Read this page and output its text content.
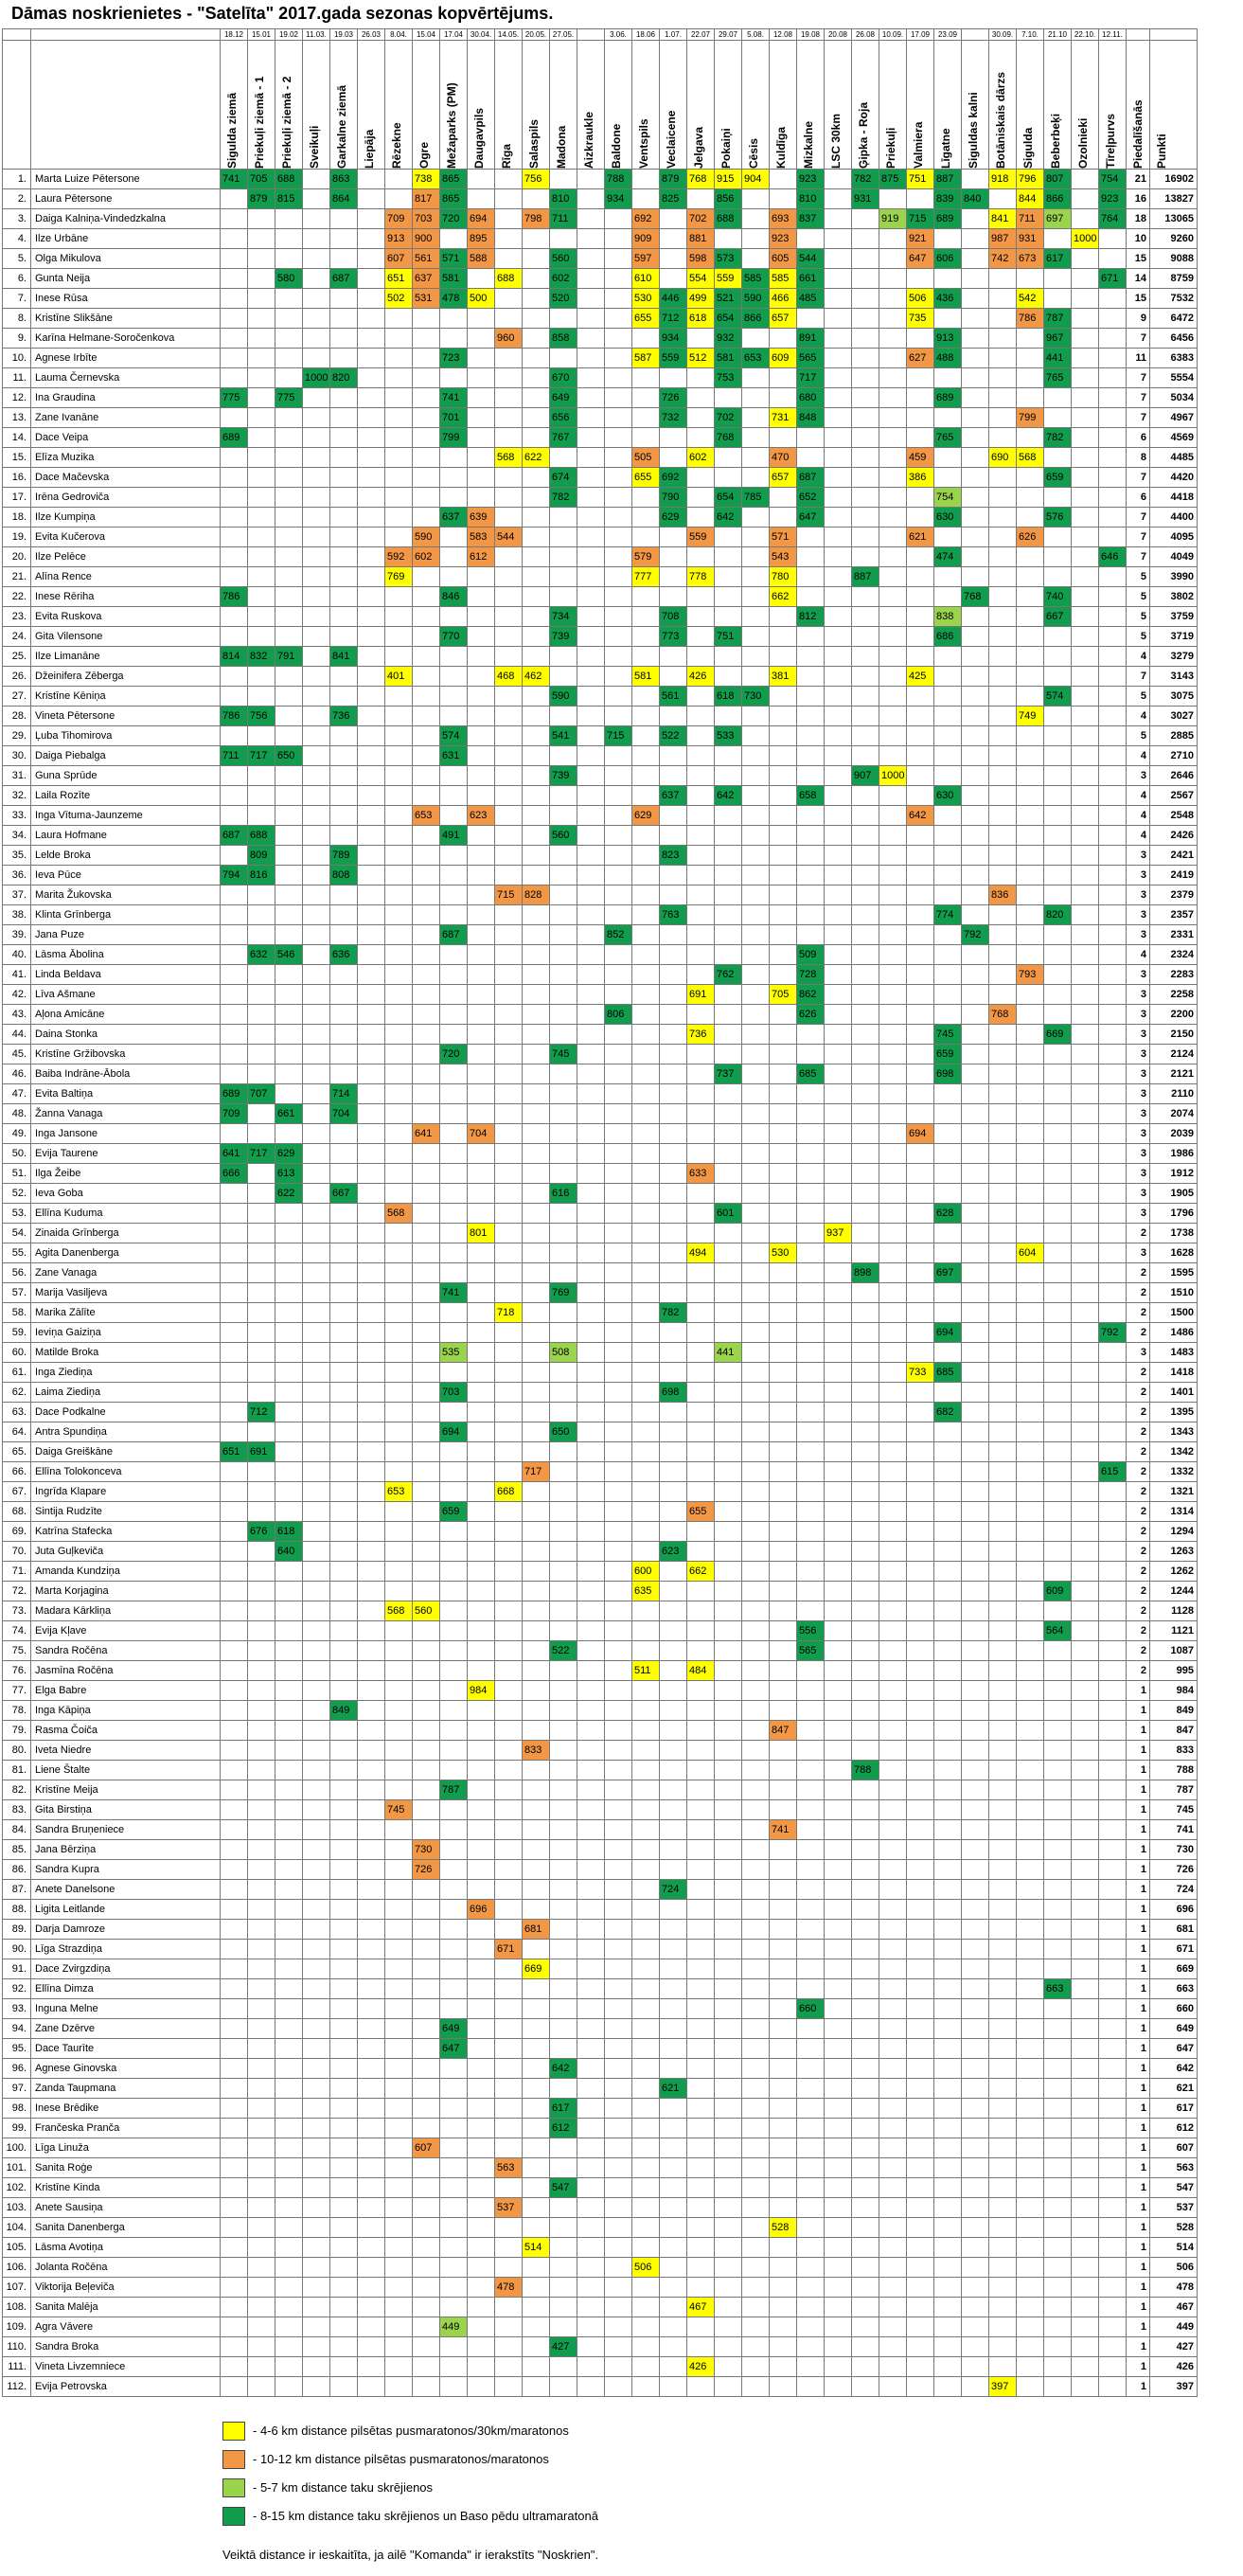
Dāmas noskrienietes - "Satelīta" 2017.gada sezonas kopvērtējums.
		18.12	15.01	19.02	11.03.	19.03	26.03	8.04.	15.04	17.04	30.04.	14.05.	20.05.	27.05.		3.06.	18.06	1.07.	22.07	29.07	5.08.	12.08	19.08	20.08	26.08	10.09.	17.09	23.09		30.09.	7.10.	21.10	22.10.	12.11.		

		Sigulda ziemā	Priekuļi ziemā - 1	Priekuļi ziemā - 2	Sveikuļi	Garkalne ziemā	Liepāja	Rēzekne	Ogre	Mežaparks (PM)	Daugavpils	Rīga	Salaspils	Madona	Aizkraukle	Baldone	Ventspils	Veclaicene	Jelgava	Pokaiņi	Cēsis	Kuldīga	Mizkalne	LSC 30km	Ģipka - Roja	Priekuļi	Valmiera	Līgatne	Siguldas kalni	Botāniskais dārzs	Sigulda	Beberbeķi	Ozolnieki	Tīreļpurvs	Piedalīšanās	Punkti

1.	Marta Luize Pētersone	741	705	688		863			738	865			756			788		879	768	915	904		923		782	875	751	887		918	796	807		754	21	16902
2.	Laura Pētersone		879	815		864			817	865				810		934		825		856			810		931			839	840		844	866		923	16	13827
3.	Daiga Kalniņa-Vindedzkalna							709	703	720	694		798	711			692		702	688		693	837			919	715	689		841	711	697		764	18	13065
4.	Ilze Urbāne							913	900		895						909		881			923					921			987	931		1000		10	9260
5.	Olga Mikulova							607	561	571	588			560			597		598	573		605	544				647	606		742	673	617			15	9088
6.	Gunta Neija			580		687		651	637	581		688		602			610		554	559	585	585	661											671	14	8759
7.	Inese Rūsa							502	531	478	500			520			530	446	499	521	590	466	485				506	436			542				15	7532
8.	Kristīne Slikšāne																655	712	618	654	866	657					735				786	787			9	6472
9.	Karīna Helmane-Soročenkova											960		858				934		932			891					913				967			7	6456
10.	Agnese Irbīte									723							587	559	512	581	653	609	565				627	488				441			11	6383
11.	Lauma Černevska				1000	820								670						753			717									765			7	5554
12.	Ina Graudina	775		775						741				649				726					680					689							7	5034
13.	Zane Ivanāne									701				656				732		702		731	848								799				7	4967
14.	Dace Veipa	689								799				767						768								765				782			6	4569
15.	Elīza Muzika											568	622				505		602			470					459			690	568				8	4485
16.	Dace Mačevska													674			655	692				657	687				386					659			7	4420
17.	Irēna Gedroviča													782				790		654	785		652					754							6	4418
18.	Ilze Kumpiņa									637	639							629		642			647					630				576			7	4400
19.	Evita Kučerova								590		583	544							559			571					621				626				7	4095
20.	Ilze Pelēce							592	602		612						579					543						474						646	7	4049
21.	Alīna Rence							769									777		778			780			887										5	3990
22.	Inese Rēriha	786								846												662							768			740			5	3802
23.	Evita Ruskova													734				708					812					838				667			5	3759
24.	Gita Vilensone									770				739				773		751								686							5	3719
25.	Ilze Limanāne	814	832	791		841																													4	3279
26.	Džeinifera Zēberga							401				468	462				581		426			381					425								7	3143
27.	Kristīne Kēniņa													590				561		618	730											574			5	3075
28.	Vineta Pētersone	786	756			736																									749				4	3027
29.	Ļuba Tihomirova									574				541		715		522		533															5	2885
30.	Daiga Piebalga	711	717	650						631																									4	2710
31.	Guna Sprūde													739											907	1000									3	2646
32.	Laila Rozīte																	637		642			658					630							4	2567
33.	Inga Vītuma-Jaunzeme								653		623						629										642								4	2548
34.	Laura Hofmane	687	688							491				560																					4	2426
35.	Lelde Broka		809			789												823																	3	2421
36.	Ieva Pūce	794	816			808																													3	2419
37.	Marita Žukovska											715	828																	836					3	2379
38.	Klinta Grīnbergа																	763										774				820			3	2357
39.	Jana Puze									687						852													792						3	2331
40.	Lāsma Ābolina		632	546		636																	509												4	2324
41.	Linda Beldava																			762			728								793				3	2283
42.	Līva Ašmane																		691			705	862												3	2258
43.	Aļona Amicāne															806							626							768					3	2200
44.	Daina Stonka																		736									745				669			3	2150
45.	Kristīne Gržibovska									720				745														659							3	2124
46.	Baiba Indrāne-Ābola																			737			685					698							3	2121
47.	Evita Baltiņa	689	707			714																													3	2110
48.	Žanna Vanaga	709		661		704																													3	2074
49.	Inga Jansone								641		704																694								3	2039
50.	Evija Taurene	641	717	629																															3	1986
51.	Ilga Žeibe	666		613															633																3	1912
52.	Ieva Goba			622		667								616																					3	1905
53.	Ellīna Kuduma							568												601								628							3	1796
54.	Zinaida Grīnberga										801													937											2	1738
55.	Agita Danenberga																		494			530									604				3	1628
56.	Zane Vanaga																								898			697							2	1595
57.	Marija Vasiljeva									741				769																					2	1510
58.	Marika Zālīte											718						782																	2	1500
59.	Ieviņa Gaiziņa																											694						792	2	1486
60.	Matilde Broka									535				508						441															3	1483
61.	Inga Ziediņa																										733	685							2	1418
62.	Laima Ziediņa									703								698																	2	1401
63.	Dace Podkalne		712																									682							2	1395
64.	Antra Spundiņa									694				650																					2	1343
65.	Daiga Greiškāne	651	691																																2	1342
66.	Ellīna Tolokonceva												717																					615	2	1332
67.	Ingrīda Klapare							653				668																							2	1321
68.	Sintija Rudzīte									659									655																2	1314
69.	Katrīna Stafecka		676	618																															2	1294
70.	Juta Guļkeviča			640														623																	2	1263
71.	Amanda Kundziņa																600		662																2	1262
72.	Marta Korjagina																635															609			2	1244
73.	Madara Kārkliņa							568	560																										2	1128
74.	Evija Kļave																						556									564			2	1121
75.	Sandra Ročēna													522									565												2	1087
76.	Jasmīna Ročēna																511		484																2	995
77.	Elga Babre										984																								1	984
78.	Inga Kāpiņa					849																													1	849
79.	Rasma Čoiča																					847													1	847
80.	Iveta Niedre												833																						1	833
81.	Liene Štalte																								788										1	788
82.	Kristīne Meija									787																									1	787
83.	Gita Birstiņa							745																											1	745
84.	Sandra Bruņeniece																					741													1	741
85.	Jana Bērziņa								730																										1	730
86.	Sandra Kupra								726																										1	726
87.	Anete Danelsone																	724																	1	724
88.	Ligita Leitlande										696																								1	696
89.	Darja Damroze												681																						1	681
90.	Līga Strazdiņa											671																							1	671
91.	Dace Zvirgzdiņa												669																						1	669
92.	Ellīna Dimza																															663			1	663
93.	Inguna Melne																						660												1	660
94.	Zane Dzērve									649																									1	649
95.	Dace Taurīte									647																									1	647
96.	Agnese Ginovska													642																					1	642
97.	Zanda Taupmana																	621																	1	621
98.	Inese Brēdike													617																					1	617
99.	Frančeska Pranča													612																					1	612
100.	Līga Linuža								607																										1	607
101.	Sanita Roģe											563																							1	563
102.	Kristīne Kinda													547																					1	547
103.	Anete Sausiņa											537																							1	537
104.	Sanita Danenberga																					528													1	528
105.	Lāsma Avotiņa												514																						1	514
106.	Jolanta Ročēna																506																		1	506
107.	Viktorija Beļeviča											478																							1	478
108.	Sanita Malēja																		467																1	467
109.	Agra Vāvere									449																									1	449
110.	Sandra Broka													427																					1	427
111.	Vineta Livzemniece																		426																1	426
112.	Evija Petrovska																													397					1	397
- 4-6 km distance pilsētas pusmaratonos/30km/maratonos
- 10-12 km distance pilsētas pusmaratonos/maratonos
- 5-7 km distance taku skrējienos
- 8-15 km distance taku skrējienos un Baso pēdu ultramaratonā
Veiktā distance ir ieskaitīta, ja ailē "Komanda" ir ierakstīts "Noskrien".
